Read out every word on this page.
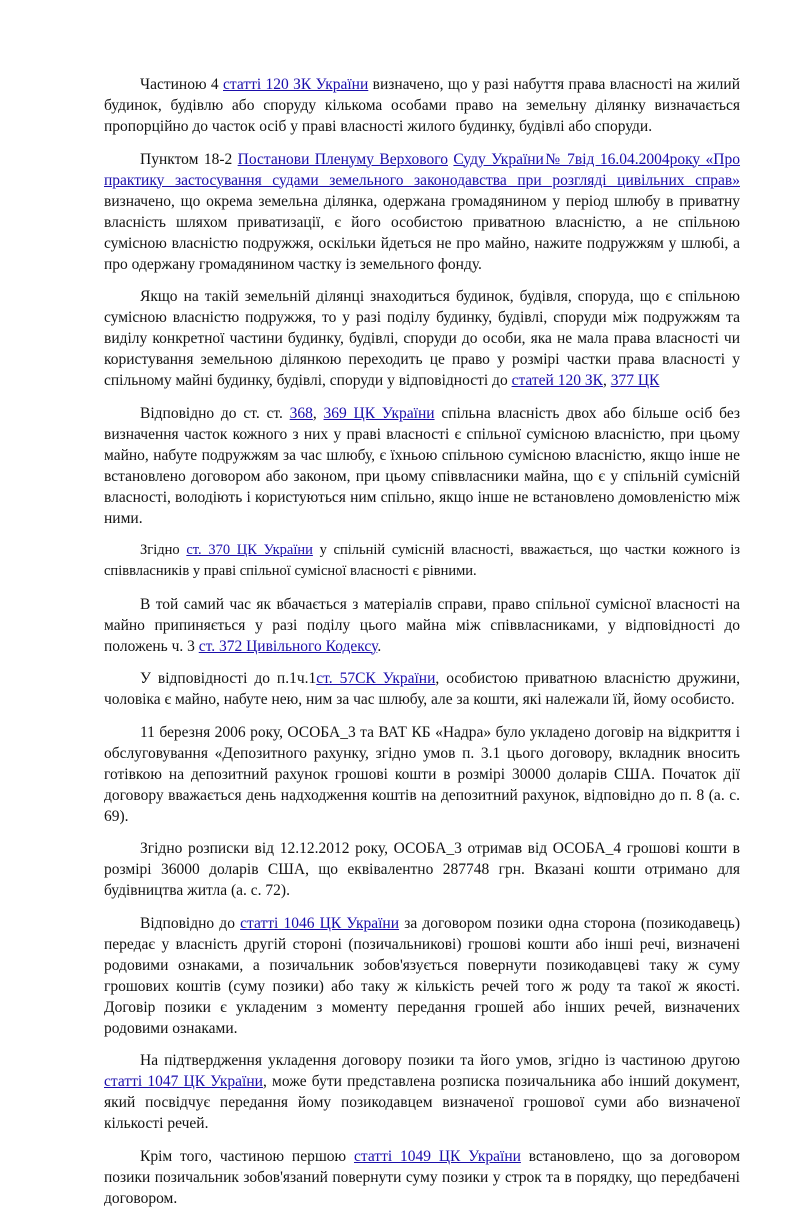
Частиною 4 статті 120 ЗК України визначено, що у разі набуття права власності на жилий будинок, будівлю або споруду кількома особами право на земельну ділянку визначається пропорційно до часток осіб у праві власності жилого будинку, будівлі або споруди.

Пунктом 18-2 Постанови Пленуму Верхового Суду України№ 7від 16.04.2004року «Про практику застосування судами земельного законодавства при розгляді цивільних справ» визначено, що окрема земельна ділянка, одержана громадянином у період шлюбу в приватну власність шляхом приватизації, є його особистою приватною власністю, а не спільною сумісною власністю подружжя, оскільки йдеться не про майно, нажите подружжям у шлюбі, а про одержану громадянином частку із земельного фонду.

Якщо на такій земельній ділянці знаходиться будинок, будівля, споруда, що є спільною сумісною власністю подружжя, то у разі поділу будинку, будівлі, споруди між подружжям та виділу конкретної частини будинку, будівлі, споруди до особи, яка не мала права власності чи користування земельною ділянкою переходить це право у розмірі частки права власності у спільному майні будинку, будівлі, споруди у відповідності до статей 120 ЗК, 377 ЦК

Відповідно до ст. ст. 368, 369 ЦК України спільна власність двох або більше осіб без визначення часток кожного з них у праві власності є спільної сумісною власністю, при цьому майно, набуте подружжям за час шлюбу, є їхньою спільною сумісною власністю, якщо інше не встановлено договором або законом, при цьому співвласники майна, що є у спільній сумісній власності, володіють і користуються ним спільно, якщо інше не встановлено домовленістю між ними.

Згідно ст. 370 ЦК України у спільній сумісній власності, вважається, що частки кожного із співвласників у праві спільної сумісної власності є рівними.

В той самий час як вбачається з матеріалів справи, право спільної сумісної власності на майно припиняється у разі поділу цього майна між співвласниками, у відповідності до положень ч. 3 ст. 372 Цивільного Кодексу.

У відповідності до п.1ч.1ст. 57СК України, особистою приватною власністю дружини, чоловіка є майно, набуте нею, ним за час шлюбу, але за кошти, які належали їй, йому особисто.

11 березня 2006 року, ОСОБА_3 та ВАТ КБ «Надра» було укладено договір на відкриття і обслуговування «Депозитного рахунку, згідно умов п. 3.1 цього договору, вкладник вносить готівкою на депозитний рахунок грошові кошти в розмірі 30000 доларів США. Початок дії договору вважається день надходження коштів на депозитний рахунок, відповідно до п. 8 (а. с. 69).

Згідно розписки від 12.12.2012 року, ОСОБА_3 отримав від ОСОБА_4 грошові кошти в розмірі 36000 доларів США, що еквівалентно 287748 грн. Вказані кошти отримано для будівництва житла (а. с. 72).

Відповідно до статті 1046 ЦК України за договором позики одна сторона (позикодавець) передає у власність другій стороні (позичальникові) грошові кошти або інші речі, визначені родовими ознаками, а позичальник зобов'язується повернути позикодавцеві таку ж суму грошових коштів (суму позики) або таку ж кількість речей того ж роду та такої ж якості. Договір позики є укладеним з моменту передання грошей або інших речей, визначених родовими ознаками.

На підтвердження укладення договору позики та його умов, згідно із частиною другою статті 1047 ЦК України, може бути представлена розписка позичальника або інший документ, який посвідчує передання йому позикодавцем визначеної грошової суми або визначеної кількості речей.

Крім того, частиною першою статті 1049 ЦК України встановлено, що за договором позики позичальник зобов'язаний повернути суму позики у строк та в порядку, що передбачені договором.
